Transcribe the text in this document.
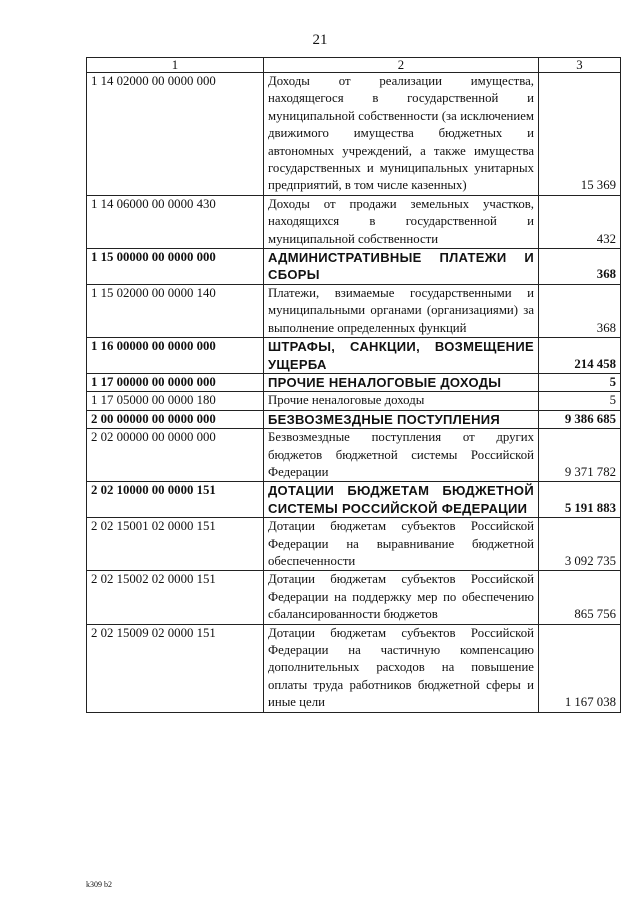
21
1	2	3
1 14 02000 00 0000 000	Доходы от реализации имущества, находящегося в государственной и муниципальной собственности (за исключением движимого имущества бюджетных и автономных учреждений, а также имущества государственных и муниципальных унитарных предприятий, в том числе казенных)	15 369
1 14 06000 00 0000 430	Доходы от продажи земельных участков, находящихся в государственной и муниципальной собственности	432
1 15 00000 00 0000 000	АДМИНИСТРАТИВНЫЕ ПЛАТЕЖИ И СБОРЫ	368
1 15 02000 00 0000 140	Платежи, взимаемые государственными и муниципальными органами (организациями) за выполнение определенных функций	368
1 16 00000 00 0000 000	ШТРАФЫ, САНКЦИИ, ВОЗМЕЩЕНИЕ УЩЕРБА	214 458
1 17 00000 00 0000 000	ПРОЧИЕ НЕНАЛОГОВЫЕ ДОХОДЫ	5
1 17 05000 00 0000 180	Прочие неналоговые доходы	5
2 00 00000 00 0000 000	БЕЗВОЗМЕЗДНЫЕ ПОСТУПЛЕНИЯ	9 386 685
2 02 00000 00 0000 000	Безвозмездные поступления от других бюджетов бюджетной системы Российской Федерации	9 371 782
2 02 10000 00 0000 151	ДОТАЦИИ БЮДЖЕТАМ БЮДЖЕТНОЙ СИСТЕМЫ РОССИЙСКОЙ ФЕДЕРАЦИИ	5 191 883
2 02 15001 02 0000 151	Дотации бюджетам субъектов Российской Федерации на выравнивание бюджетной обеспеченности	3 092 735
2 02 15002 02 0000 151	Дотации бюджетам субъектов Российской Федерации на поддержку мер по обеспечению сбалансированности бюджетов	865 756
2 02 15009 02 0000 151	Дотации бюджетам субъектов Российской Федерации на частичную компенсацию дополнительных расходов на повышение оплаты труда работников бюджетной сферы и иные цели	1 167 038
k309 b2
